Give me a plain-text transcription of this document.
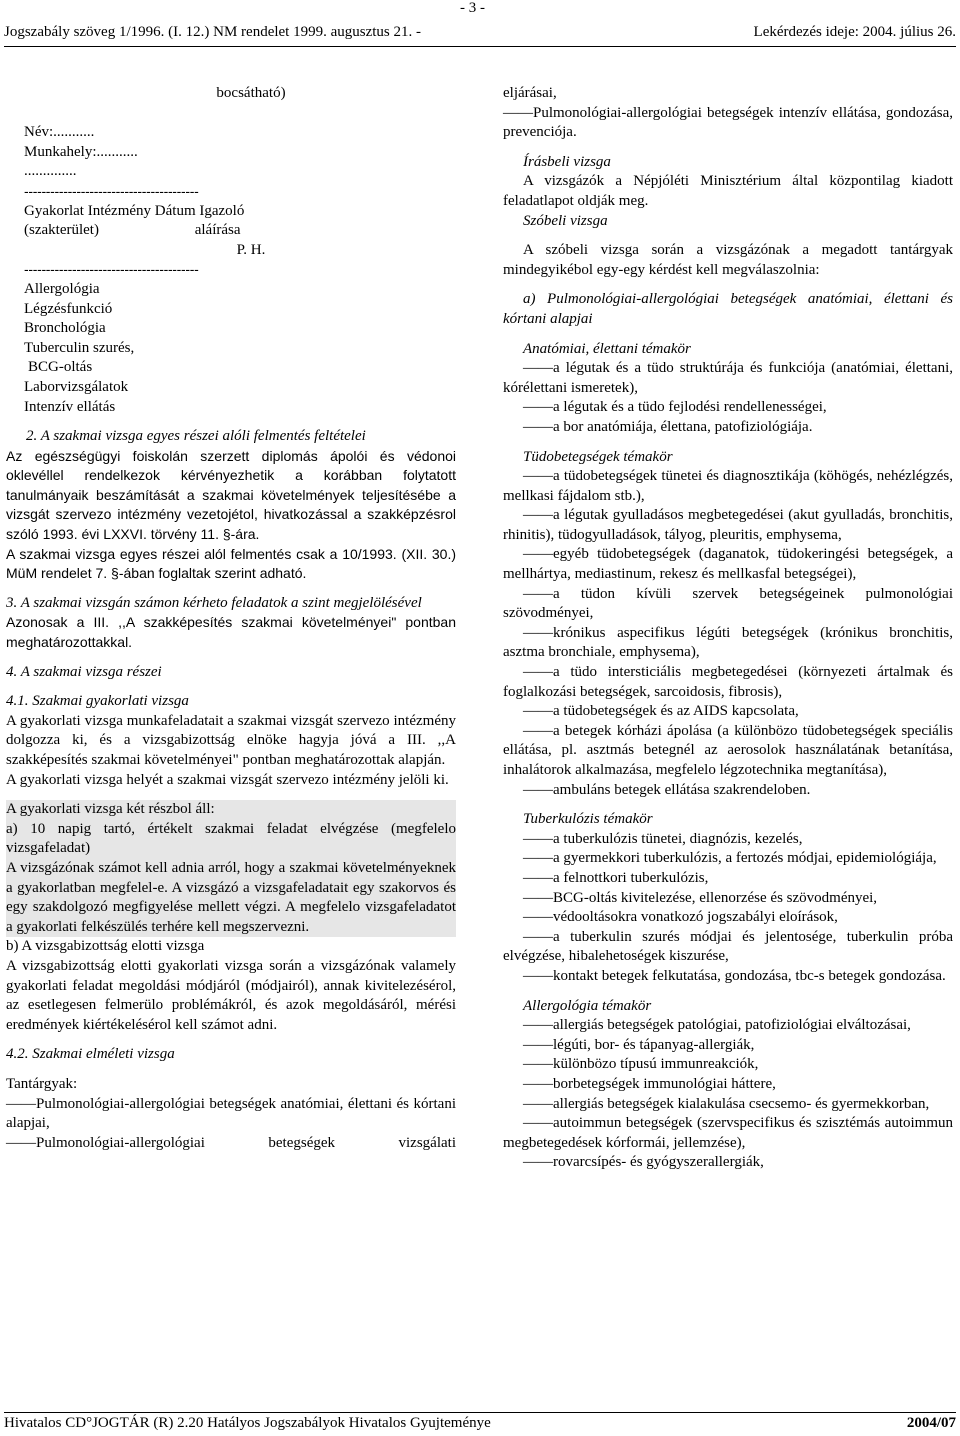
- 3 -
Jogszabály szöveg 1/1996. (I. 12.) NM rendelet 1999. augusztus 21. -	Lekérdezés ideje: 2004. július 26.
bocsátható)
Név:...........
Munkahely:...........
..............
----------------------------------------
Gyakorlat Intézmény Dátum Igazoló
(szakterület) aláírása
P. H.
----------------------------------------
Allergológia
Légzésfunkció
Bronchológia
Tuberculin szurés,
BCG-oltás
Laborvizsgálatok
Intenzív ellátás
2. A szakmai vizsga egyes részei alóli felmentés feltételei

Az egészségügyi foiskolán szerzett diplomás ápolói és védonoi oklevéllel rendelkezok kérvényezhetik a korábban folytatott tanulmányaik beszámítását a szakmai követelmények teljesítésébe a vizsgát szervezo intézmény vezetojétol, hivatkozással a szakképzésrol szóló 1993. évi LXXVI. törvény 11. §-ára.

A szakmai vizsga egyes részei alól felmentés csak a 10/1993. (XII. 30.) MüM rendelet 7. §-ában foglaltak szerint adható.

3. A szakmai vizsgán számon kérheto feladatok a szint megjelölésével

Azonosak a III. ,,A szakképesítés szakmai követelményei" pontban meghatározottakkal.

4. A szakmai vizsga részei
4.1. Szakmai gyakorlati vizsga

A gyakorlati vizsga munkafeladatait a szakmai vizsgát szervezo intézmény dolgozza ki, és a vizsgabizottság elnöke hagyja jóvá a III. ,,A szakképesítés szakmai követelményei" pontban meghatározottak alapján.

A gyakorlati vizsga helyét a szakmai vizsgát szervezo intézmény jelöli ki.

A gyakorlati vizsga két részbol áll:

a) 10 napig tartó, értékelt szakmai feladat elvégzése (megfelelo vizsgafeladat)

A vizsgázónak számot kell adnia arról, hogy a szakmai követelményeknek a gyakorlatban megfelel-e. A vizsgázó a vizsgafeladatait egy szakorvos és egy szakdolgozó megfigyelése mellett végzi. A megfelelo vizsgafeladatot a gyakorlati felkészülés terhére kell megszervezni.

b) A vizsgabizottság elotti vizsga

A vizsgabizottság elotti gyakorlati vizsga során a vizsgázónak valamely gyakorlati feladat megoldási módjáról (módjairól), annak kivitelezésérol, az esetlegesen felmerülo problémákról, és azok megoldásáról, mérési eredmények kiértékelésérol kell számot adni.

4.2. Szakmai elméleti vizsga
Tantárgyak:

—— Pulmonológiai-allergológiai betegségek anatómiai, élettani és kórtani alapjai,

—— Pulmonológiai-allergológiai betegségek vizsgálati

eljárásai,

—— Pulmonológiai-allergológiai betegségek intenzív ellátása, gondozása, prevenciója.

Írásbeli vizsga

A vizsgázók a Népjóléti Minisztérium által központilag kiadott feladatlapot oldják meg.

Szóbeli vizsga

A szóbeli vizsga során a vizsgázónak a megadott tantárgyak mindegyikébol egy-egy kérdést kell megválaszolnia:

a) Pulmonológiai-allergológiai betegségek anatómiai, élettani és kórtani alapjai

Anatómiai, élettani témakör

—— a légutak és a tüdo struktúrája és funkciója (anatómiai, élettani, kórélettani ismeretek),

—— a légutak és a tüdo fejlodési rendellenességei,

—— a bor anatómiája, élettana, patofiziológiája.

Tüdobetegségek témakör

—— a tüdobetegségek tünetei és diagnosztikája (köhögés, nehézlégzés, mellkasi fájdalom stb.),

—— a légutak gyulladásos megbetegedései (akut gyulladás, bronchitis, rhinitis), tüdogyulladások, tályog, pleuritis, emphysema,

—— egyéb tüdobetegségek (daganatok, tüdokeringési betegségek, a mellhártya, mediastinum, rekesz és mellkasfal betegségei),

—— a tüdon kívüli szervek betegségeinek pulmonológiai szövodményei,

—— krónikus aspecifikus légúti betegségek (krónikus bronchitis, asztma bronchiale, emphysema),

—— a tüdo intersticiális megbetegedései (környezeti ártalmak és foglalkozási betegségek, sarcoidosis, fibrosis),

—— a tüdobetegségek és az AIDS kapcsolata,

—— a betegek kórházi ápolása (a különbözo tüdobetegségek speciális ellátása, pl. asztmás betegnél az aerosolok használatának betanítása, inhalátorok alkalmazása, megfelelo légzotechnika megtanítása),

—— ambuláns betegek ellátása szakrendeloben.

Tuberkulózis témakör

—— a tuberkulózis tünetei, diagnózis, kezelés,

—— a gyermekkori tuberkulózis, a fertozés módjai, epidemiológiája,

—— a felnottkori tuberkulózis,

—— BCG-oltás kivitelezése, ellenorzése és szövodményei,

—— védooltásokra vonatkozó jogszabályi eloírások,

—— a tuberkulin szurés módjai és jelentosége, tuberkulin próba elvégzése, hibalehetoségek kiszurése,

—— kontakt betegek felkutatása, gondozása, tbc-s betegek gondozása.

Allergológia témakör

—— allergiás betegségek patológiai, patofiziológiai elváltozásai,

—— légúti, bor- és tápanyag-allergiák,

—— különbözo típusú immunreakciók,

—— borbetegségek immunológiai háttere,

—— allergiás betegségek kialakulása csecsemo- és gyermekkorban,

—— autoimmun betegségek (szervspecifikus és szisztémás autoimmun megbetegedések kórformái, jellemzése),

—— rovarcsípés- és gyógyszerallergiák,

Hivatalos CD°JOGTÁR (R) 2.20 Hatályos Jogszabályok Hivatalos Gyujteménye	2004/07
